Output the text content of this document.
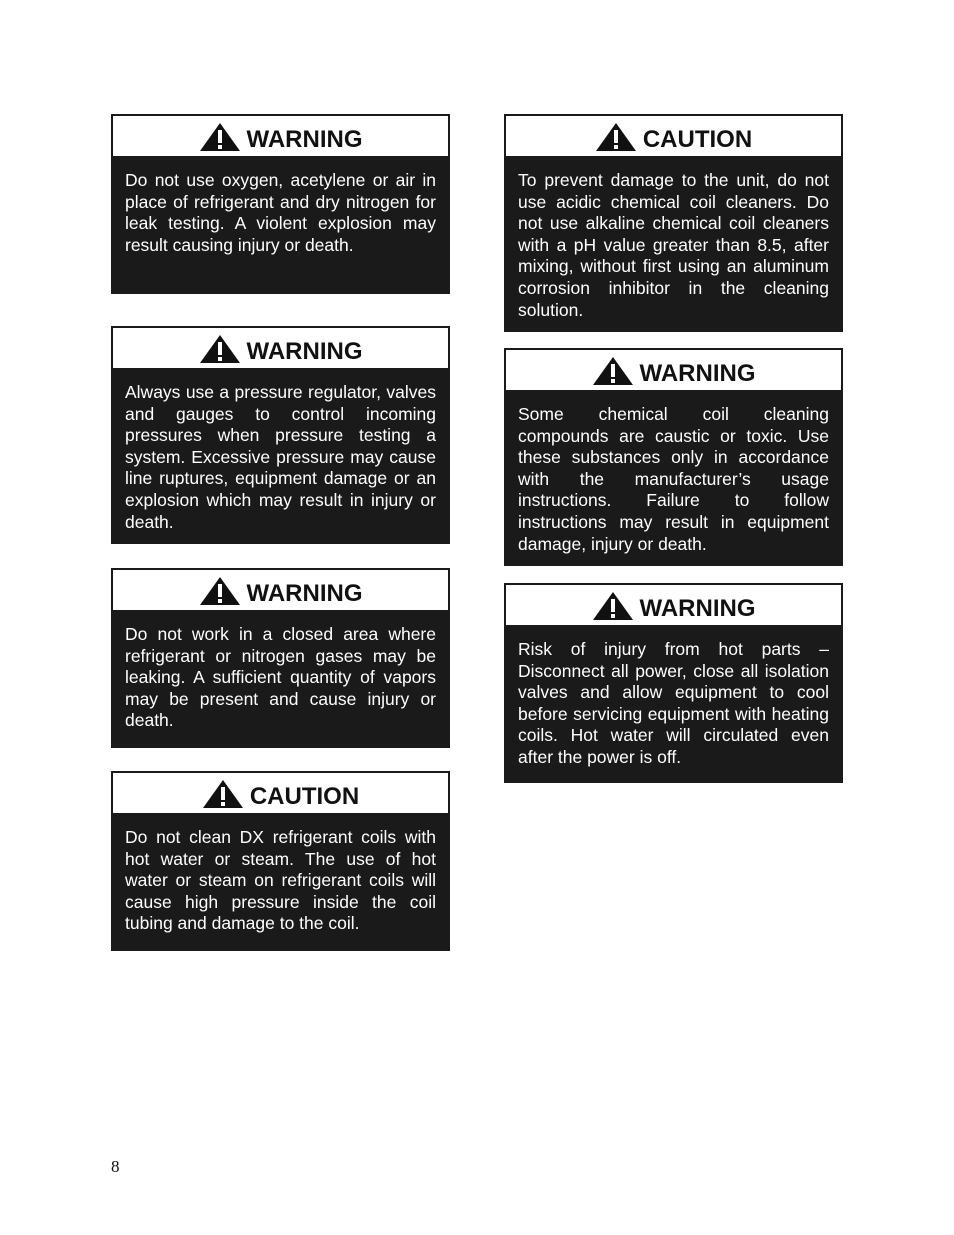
WARNING
Do not use oxygen, acetylene or air in place of refrigerant and dry nitrogen for leak testing. A violent explosion may result causing injury or death.
WARNING
Always use a pressure regulator, valves and gauges to control incoming pressures when pressure testing a system. Excessive pressure may cause line ruptures, equipment damage or an explosion which may result in injury or death.
WARNING
Do not work in a closed area where refrigerant or nitrogen gases may be leaking. A sufficient quantity of vapors may be present and cause injury or death.
CAUTION
Do not clean DX refrigerant coils with hot water or steam. The use of hot water or steam on refrigerant coils will cause high pressure inside the coil tubing and damage to the coil.
CAUTION
To prevent damage to the unit, do not use acidic chemical coil cleaners. Do not use alkaline chemical coil cleaners with a pH value greater than 8.5, after mixing, without first using an aluminum corrosion inhibitor in the cleaning solution.
WARNING
Some chemical coil cleaning compounds are caustic or toxic. Use these substances only in accordance with the manufacturer’s usage instructions. Failure to follow instructions may result in equipment damage, injury or death.
WARNING
Risk of injury from hot parts – Disconnect all power, close all isolation valves and allow equipment to cool before servicing equipment with heating coils. Hot water will circulated even after the power is off.
8
